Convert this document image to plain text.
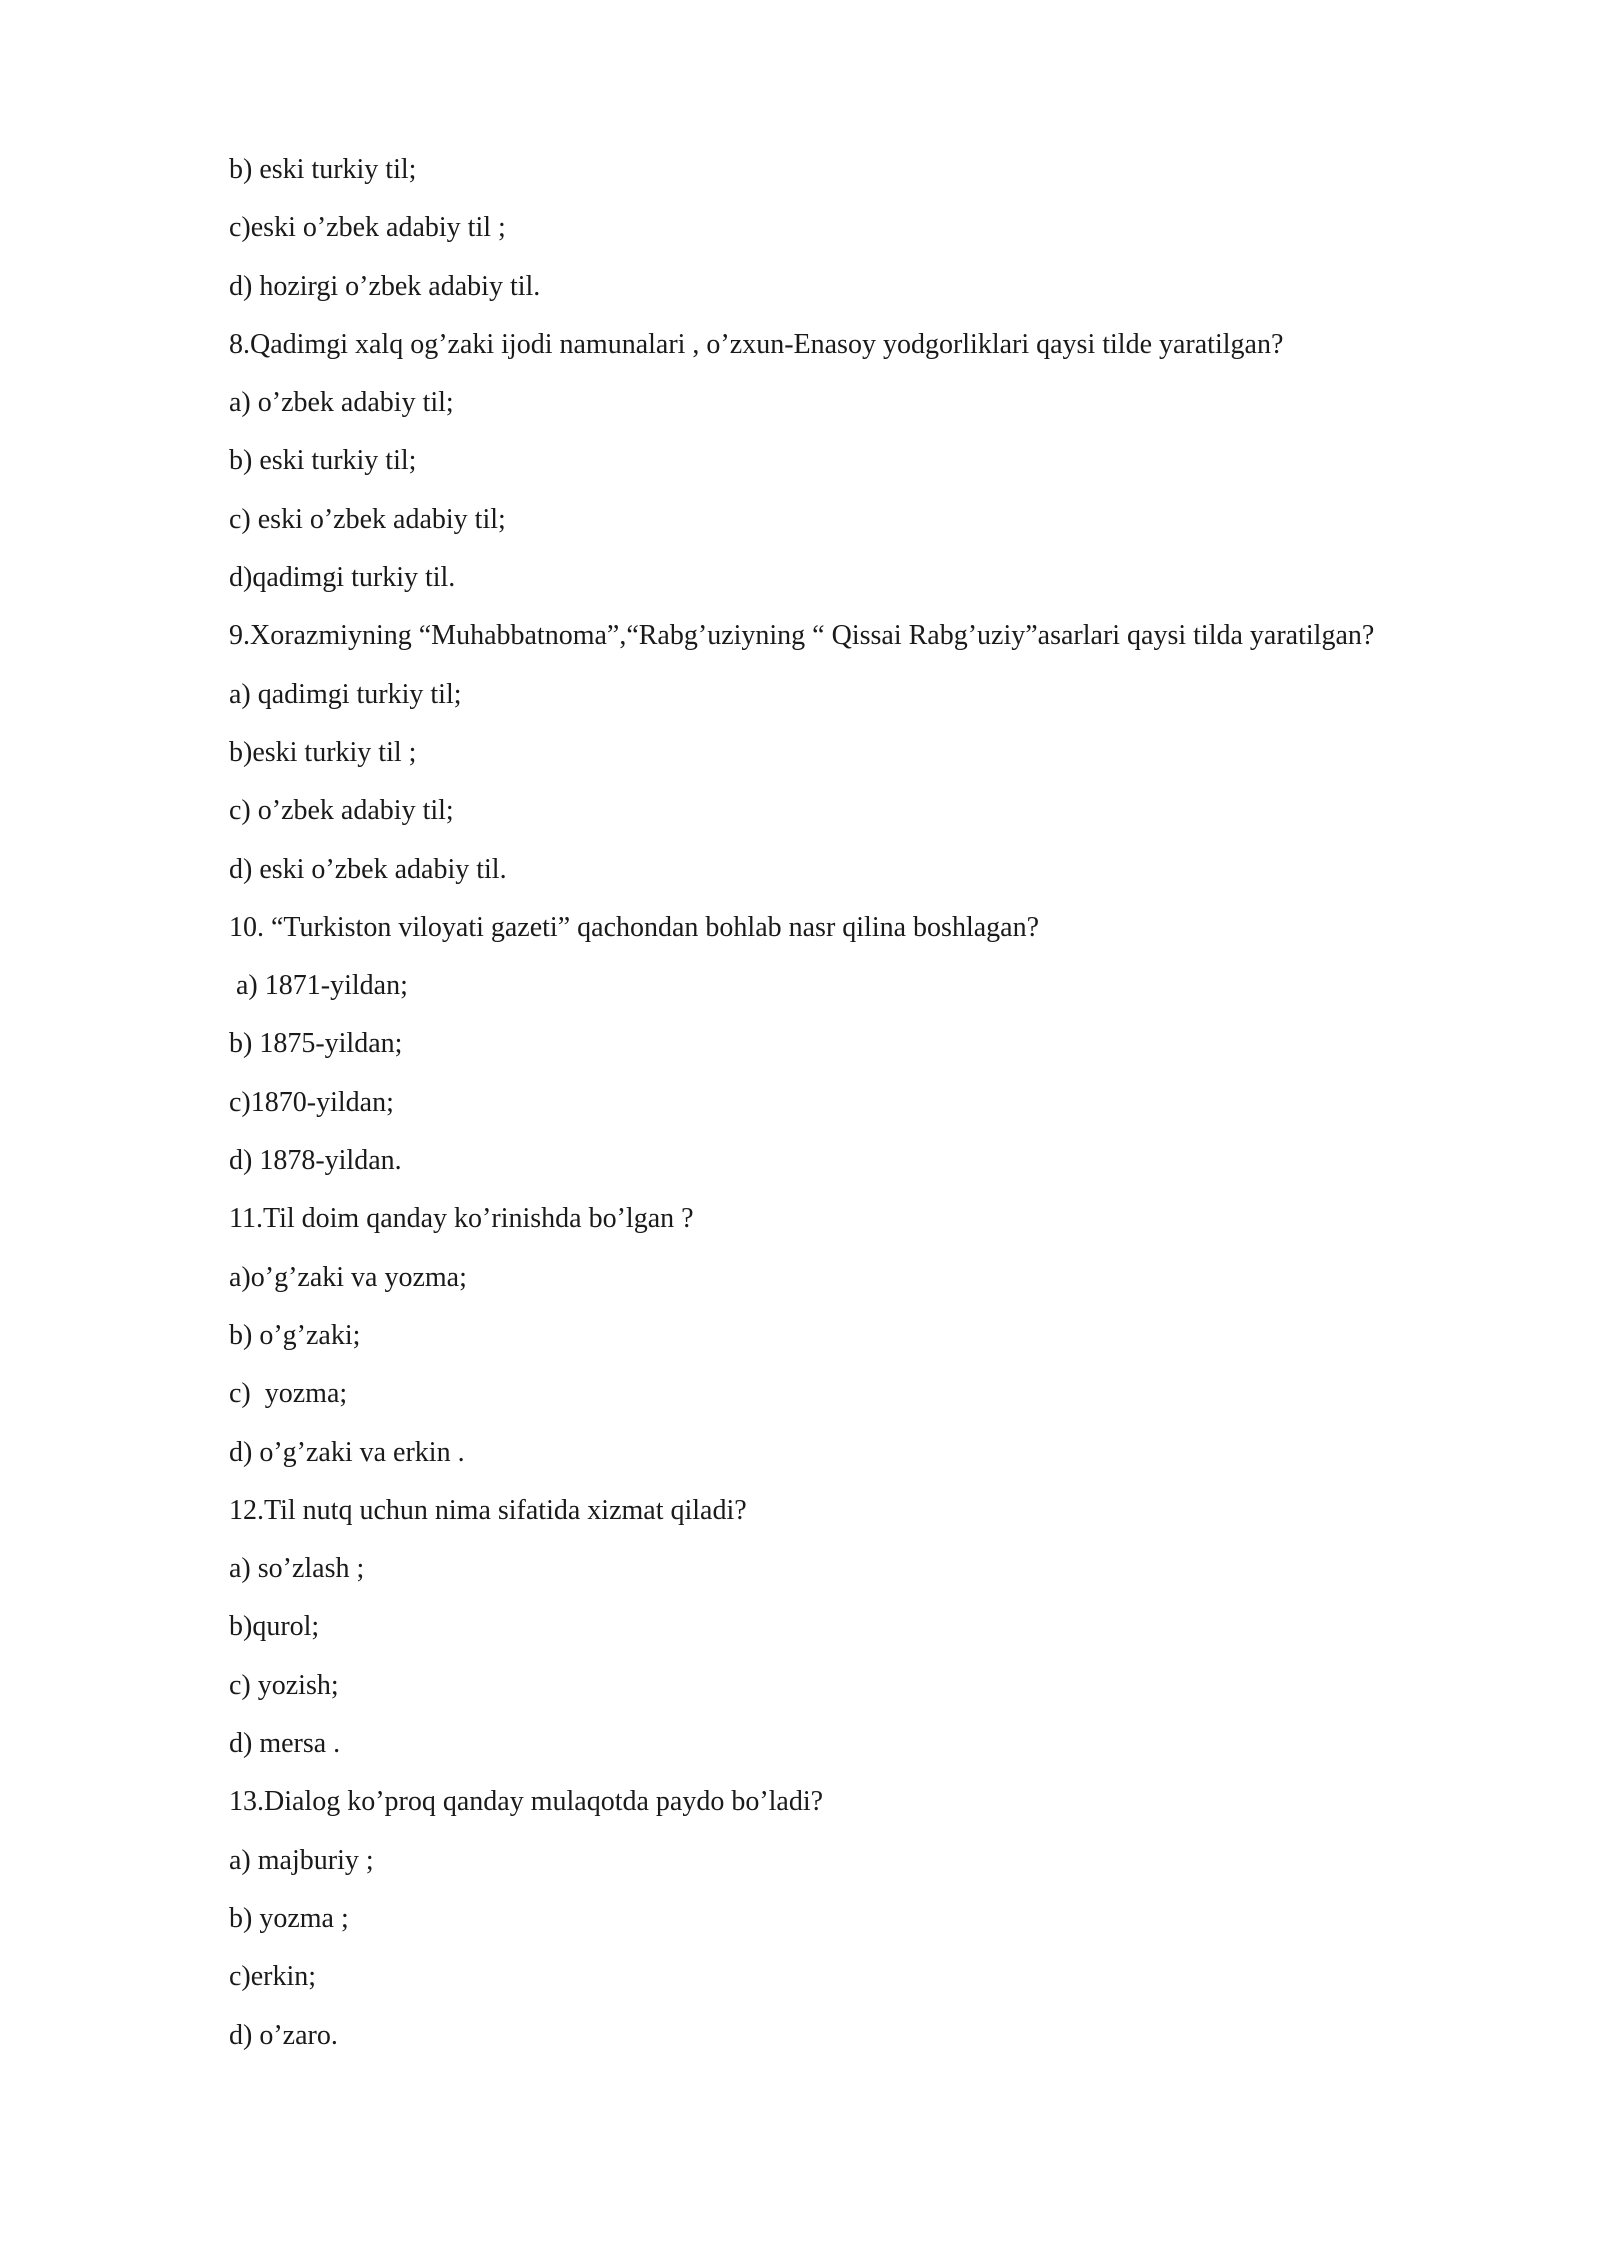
b) eski turkiy til;
c)eski o’zbek adabiy til ;
d) hozirgi o’zbek adabiy til.
8.Qadimgi xalq og’zaki ijodi namunalari , o’zxun-Enasoy yodgorliklari qaysi tilde yaratilgan?
a) o’zbek adabiy til;
b) eski turkiy til;
c) eski o’zbek adabiy til;
d)qadimgi turkiy til.
9.Xorazmiyning “Muhabbatnoma”,“Rabg’uziyning “ Qissai Rabg’uziy”asarlari qaysi tilda yaratilgan?
a) qadimgi turkiy til;
b)eski turkiy til ;
c) o’zbek adabiy til;
d) eski o’zbek adabiy til.
10. “Turkiston viloyati gazeti” qachondan bohlab nasr qilina boshlagan?
a) 1871-yildan;
b) 1875-yildan;
c)1870-yildan;
d) 1878-yildan.
11.Til doim qanday ko’rinishda bo’lgan ?
a)o’g’zaki va yozma;
b) o’g’zaki;
c)  yozma;
d) o’g’zaki va erkin .
12.Til nutq uchun nima sifatida xizmat qiladi?
a) so’zlash ;
b)qurol;
c) yozish;
d) mersa .
13.Dialog ko’proq qanday mulaqotda paydo bo’ladi?
a) majburiy ;
b) yozma ;
c)erkin;
d) o’zaro.
